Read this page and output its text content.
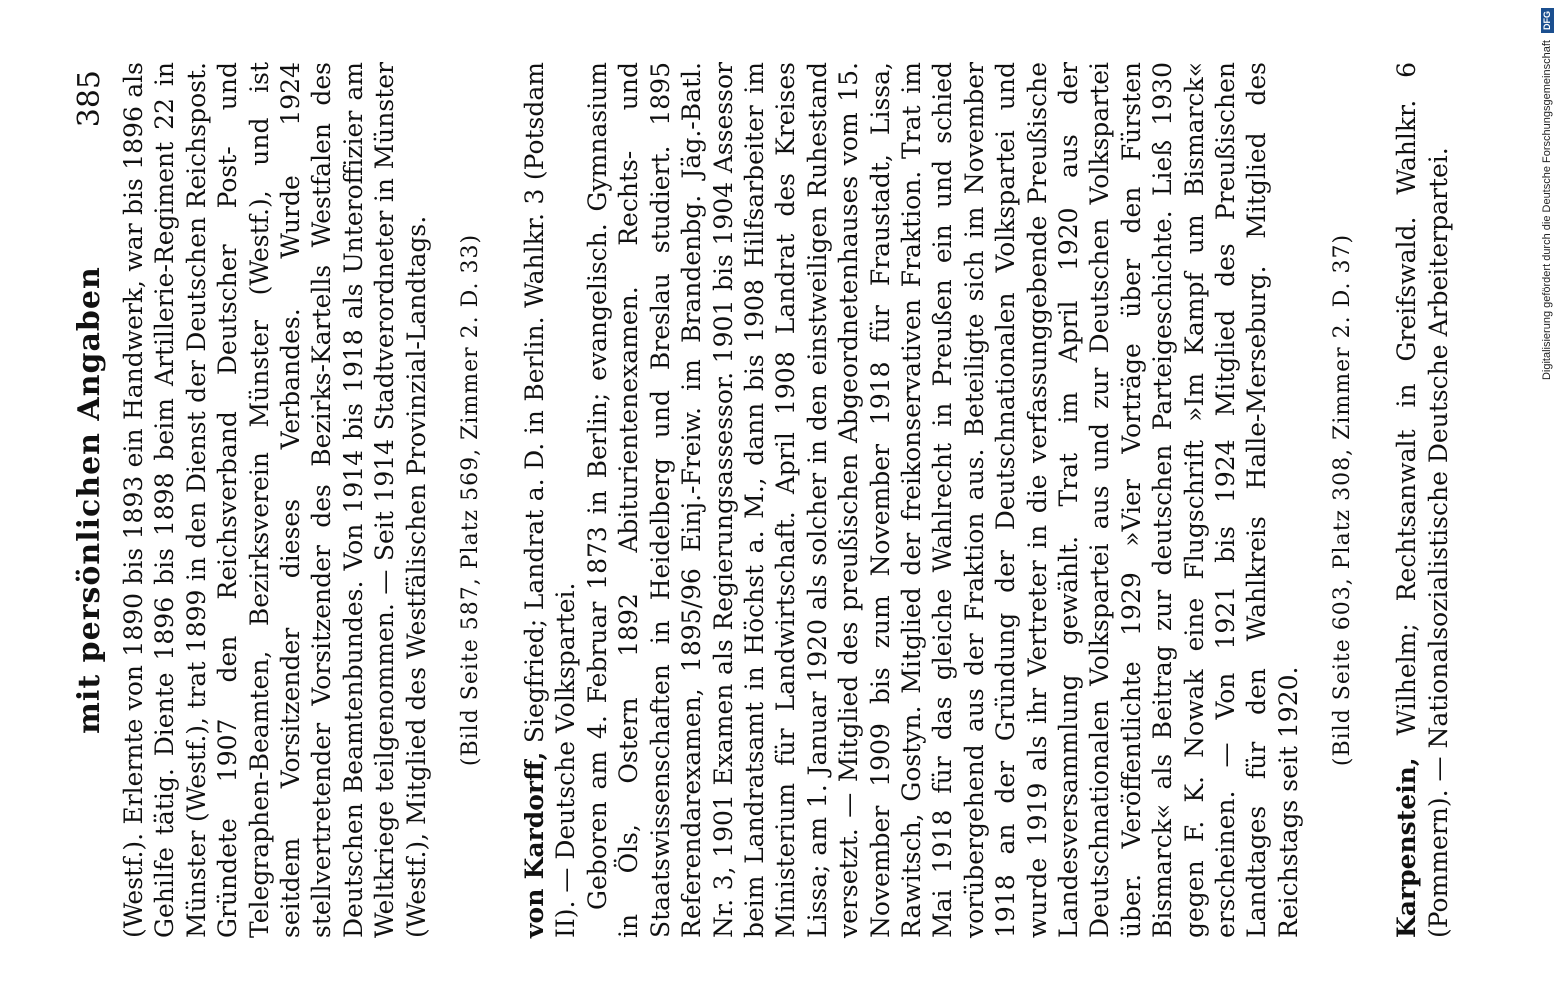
mit persönlichen Angaben
385 (Westf.). Erlernte von 1890 bis 1893 ein Handwerk, war bis 1896 als Gehilfe tätig. Diente 1896 bis 1898 beim Artillerie-Regiment 22 in Münster (Westf.), trat 1899 in den Dienst der Deutschen Reichspost. Gründete 1907 den Reichsverband Deutscher Post- und Telegraphen-Beamten, Bezirksverein Münster (Westf.), und ist seitdem Vorsitzender dieses Verbandes. Wurde 1924 stellvertretender Vorsitzender des Bezirks-Kartells Westfalen des Deutschen Beamtenbundes. Von 1914 bis 1918 als Unteroffizier am Weltkriege teilgenommen. — Seit 1914 Stadtverordneter in Münster (Westf.), Mitglied des Westfälischen Provinzial-Landtags. (Bild Seite 587, Platz 569, Zimmer 2. D. 33)

von Kardorff, Siegfried; Landrat a. D. in Berlin. Wahlkr. 3 (Potsdam II). — Deutsche Volkspartei. Geboren am 4. Februar 1873 in Berlin; evangelisch. Gymnasium in Öls, Ostern 1892 Abiturientenexamen. Rechts- und Staatswissenschaften in Heidelberg und Breslau studiert. 1895 Referendarexamen, 1895/96 Einj.-Freiw. im Brandenbg. Jäg.-Batl. Nr. 3, 1901 Examen als Regierungsassessor. 1901 bis 1904 Assessor beim Landratsamt in Höchst a. M., dann bis 1908 Hilfsarbeiter im Ministerium für Landwirtschaft. April 1908 Landrat des Kreises Lissa; am 1. Januar 1920 als solcher in den einstweiligen Ruhestand versetzt. — Mitglied des preußischen Abgeordnetenhauses vom 15. November 1909 bis zum November 1918 für Fraustadt, Lissa, Rawitsch, Gostyn. Mitglied der freikonservativen Fraktion. Trat im Mai 1918 für das gleiche Wahlrecht in Preußen ein und schied vorübergehend aus der Fraktion aus. Beteiligte sich im November 1918 an der Gründung der Deutschnationalen Volkspartei und wurde 1919 als ihr Vertreter in die verfassunggebende Preußische Landesversammlung gewählt. Trat im April 1920 aus der Deutschnationalen Volkspartei aus und zur Deutschen Volkspartei über. Veröffentlichte 1929 »Vier Vorträge über den Fürsten Bismarck« als Beitrag zur deutschen Parteigeschichte. Ließ 1930 gegen F. K. Nowak eine Flugschrift »Im Kampf um Bismarck« erscheinen. — Von 1921 bis 1924 Mitglied des Preußischen Landtages für den Wahlkreis Halle-Merseburg. Mitglied des Reichstags seit 1920.

(Bild Seite 603, Platz 308, Zimmer 2. D. 37)

Karpenstein, Wilhelm; Rechtsanwalt in Greifswald. Wahlkr. 6 (Pommern). — Nationalsozialistische Deutsche Arbeiterpartei.	Digitalisierung gefördert durch die Deutsche Forschungsgemeinschaft DFG
